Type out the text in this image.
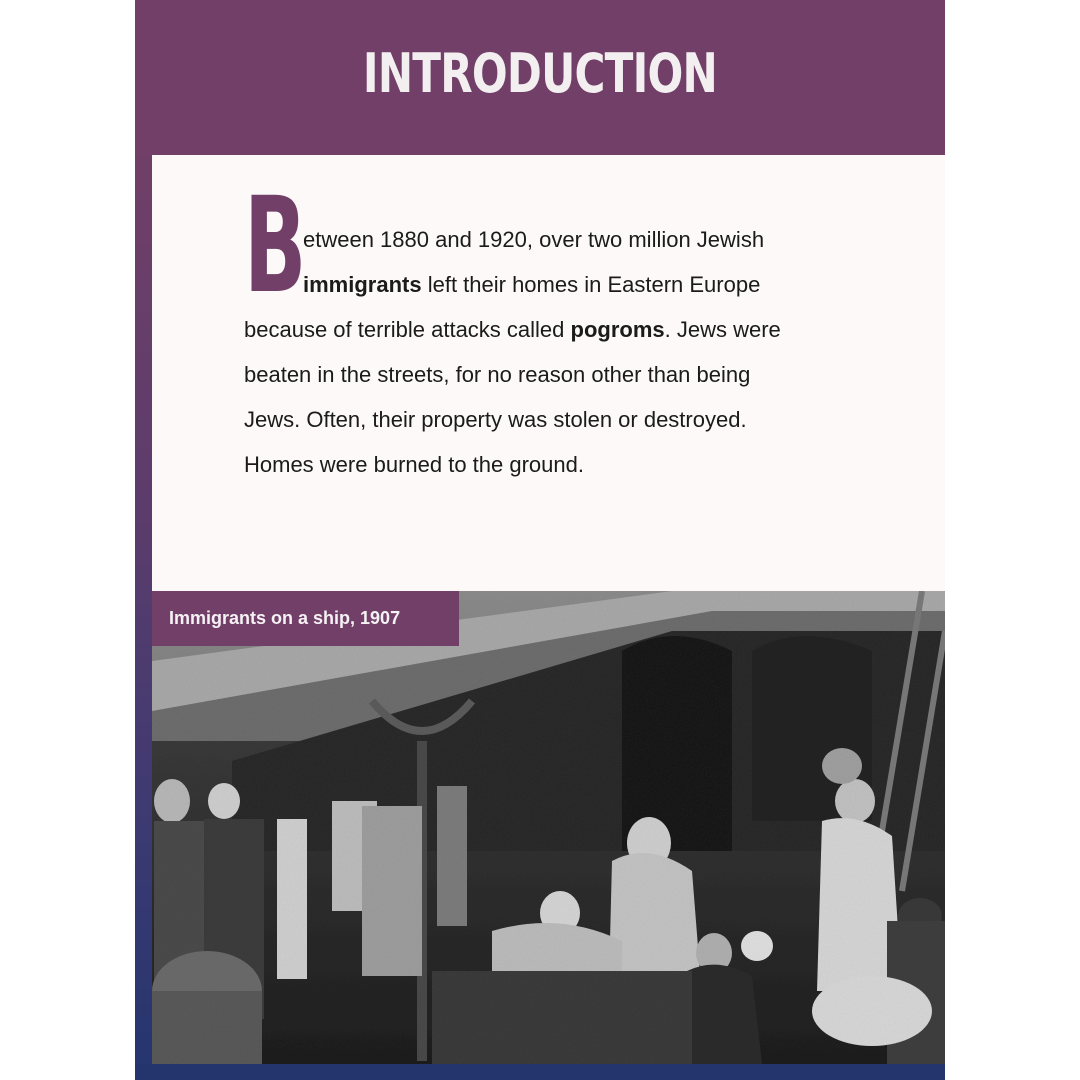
INTRODUCTION
B
etween 1880 and 1920, over two million Jewish
immigrants left their homes in Eastern Europe
because of terrible attacks called pogroms. Jews were
beaten in the streets, for no reason other than being
Jews. Often, their property was stolen or destroyed.
Homes were burned to the ground.
Immigrants on a ship, 1907
